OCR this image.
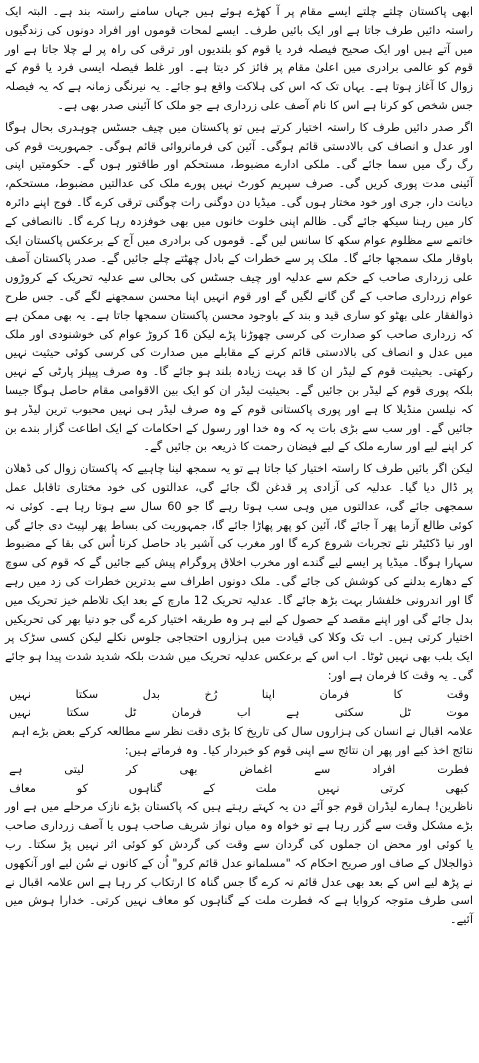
ابھی پاکستان چلتے چلتے ایسے مقام پر آ کھڑے ہوئے ہیں جہاں سامنے راستہ بند ہے۔ البتہ ایک راستہ دائیں طرف جاتا ہے اور ایک بائیں طرف۔ ایسے لمحات قوموں اور افراد دونوں کی زندگیوں میں آتے ہیں اور ایک صحیح فیصلہ فرد یا قوم کو بلندیوں اور ترقی کی راہ پر لے چلا جاتا ہے اور قوم کو عالمی برادری میں اعلیٰ مقام پر فائز کر دیتا ہے۔ اور غلط فیصلہ ایسی فرد یا قوم کے زوال کا آغاز ہوتا ہے۔ یہاں تک کہ اس کی ہلاکت واقع ہو جائے۔ یہ نیرنگی زمانہ ہے کہ یہ فیصلہ جس شخص کو کرنا ہے اس کا نام آصف علی زرداری ہے جو ملک کا آئینی صدر بھی ہے۔

اگر صدر دائیں طرف کا راستہ اختیار کرتے ہیں تو پاکستان میں چیف جسٹس چوہدری بحال ہوگا اور عدل و انصاف کی بالادستی قائم ہوگی۔ آئین کی فرمانروائی قائم ہوگی۔ جمہوریت قوم کی رگ رگ میں سما جائے گی۔ ملکی ادارے مضبوط، مستحکم اور طاقتور ہوں گے۔ حکومتیں اپنی آئینی مدت پوری کریں گی۔ صرف سپریم کورٹ نہیں پورے ملک کی عدالتیں مضبوط، مستحکم، دیانت دار، جری اور خود مختار ہوں گی۔ میڈیا دن دوگنی رات چوگنی ترقی کرے گا۔ فوج اپنے دائرہ کار میں رہنا سیکھ جائے گی۔ ظالم اپنی خلوت خانوں میں بھی خوفزدہ رہا کرے گا۔ ناانصافی کے خاتمے سے مظلوم عوام سکھ کا سانس لیں گے۔ قوموں کی برادری میں آج کے برعکس پاکستان ایک باوقار ملک سمجھا جائے گا۔ ملک پر سے خطرات کے بادل چھٹتے چلے جائیں گے۔ صدر پاکستان آصف علی زرداری صاحب کے حکم سے عدلیہ اور چیف جسٹس کی بحالی سے عدلیہ تحریک کے کروڑوں عوام زرداری صاحب کے گن گانے لگیں گے اور قوم انہیں اپنا محسن سمجھنے لگے گی۔ جس طرح ذوالفقار علی بھٹو کو ساری قید و بند کے باوجود محسن پاکستان سمجھا جاتا ہے۔ یہ بھی ممکن ہے کہ زرداری صاحب کو صدارت کی کرسی چھوڑنا پڑے لیکن 16 کروڑ عوام کی خوشنودی اور ملک میں عدل و انصاف کی بالادستی قائم کرنے کے مقابلے میں صدارت کی کرسی کوئی حیثیت نہیں رکھتی۔ بحیثیت قوم کے لیڈر ان کا قد بہت زیادہ بلند ہو جائے گا۔ وہ صرف پیپلز پارٹی کے نہیں بلکہ پوری قوم کے لیڈر بن جائیں گے۔ بحیثیت لیڈر ان کو ایک بین الاقوامی مقام حاصل ہوگا جیسا کہ نیلسن منڈیلا کا ہے اور پوری پاکستانی قوم کے وہ صرف لیڈر ہی نہیں محبوب ترین لیڈر ہو جائیں گے۔ اور سب سے بڑی بات یہ کہ وہ خدا اور رسول کے احکامات کے ایک اطاعت گزار بندے بن کر اپنے لیے اور سارے ملک کے لیے فیضان رحمت کا ذریعہ بن جائیں گے۔

لیکن اگر بائیں طرف کا راستہ اختیار کیا جاتا ہے تو یہ سمجھ لینا چاہیے کہ پاکستان زوال کی ڈھلان پر ڈال دیا گیا۔ عدلیہ کی آزادی پر قدغن لگ جائے گی، عدالتوں کی خود مختاری تاقابل عمل سمجھی جائے گی، عدالتوں میں وہی سب ہوتا رہے گا جو 60 سال سے ہوتا رہا ہے۔ کوئی نہ کوئی طالع آزما پھر آ جائے گا، آئین کو پھر پھاڑا جائے گا، جمہوریت کی بساط پھر لپیٹ دی جائے گی اور نیا ڈکٹیٹر نئے تجربات شروع کرے گا اور مغرب کی آشیر باد حاصل کرنا اُس کی بقا کے مضبوط سہارا ہوگا۔ میڈیا پر ایسے لیے گندے اور مخرب اخلاق پروگرام پیش کیے جائیں گے کہ قوم کی سوچ کے دھارے بدلنے کی کوشش کی جائے گی۔ ملک دونوں اطراف سے بدترین خطرات کی زد میں رہے گا اور اندرونی خلفشار بہت بڑھ جائے گا۔ عدلیہ تحریک 12 مارچ کے بعد ایک تلاطم خیز تحریک میں بدل جائے گی اور اپنے مقصد کے حصول کے لیے ہر وہ طریقہ اختیار کرے گی جو دنیا بھر کی تحریکیں اختیار کرتی ہیں۔ اب تک وکلا کی قیادت میں ہزاروں احتجاجی جلوس نکلے لیکن کسی سڑک پر ایک بلب بھی نہیں ٹوٹا۔ اب اس کے برعکس عدلیہ تحریک میں شدت بلکہ شدید شدت پیدا ہو جائے گی۔ یہ وقت کا فرمان ہے اور:

وقت
کا
فرمان
اپنا
رُخ
بدل
سکتا
نہیں
موت
ٹل
سکتی
ہے
اب
فرمان
ٹل
سکتا
نہیں

علامہ اقبال نے انسان کی ہزاروں سال کی تاریخ کا بڑی دقت نظر سے مطالعہ کرکے بعض بڑے اہم نتائج اخذ کیے اور پھر ان نتائج سے اپنی قوم کو خبردار کیا۔ وہ فرماتے ہیں:

فطرت
افراد
سے
اغماض
بھی
کر
لیتی
ہے
کبھی
کرتی
نہیں
ملت
کے
گناہوں
کو
معاف

ناظرین! ہمارے لیڈران قوم جو آئے دن یہ کہتے رہتے ہیں کہ پاکستان بڑے نازک مرحلے میں ہے اور بڑے مشکل وقت سے گزر رہا ہے تو خواہ وہ میاں نواز شریف صاحب ہوں یا آصف زرداری صاحب یا کوئی اور محض ان جملوں کی گردان سے وقت کی گردش کو کوئی اثر نہیں پڑ سکتا۔ رب ذوالجلال کے صاف اور صریح احکام کہ "مسلمانو عدل قائم کرو" اُن کے کانوں نے سُن لیے اور آنکھوں نے پڑھ لیے اس کے بعد بھی عدل قائم نہ کرے گا جس گناہ کا ارتکاب کر رہا ہے اس علامہ اقبال نے اسی طرف متوجہ کروایا ہے کہ فطرت ملت کے گناہوں کو معاف نہیں کرتی۔ خدارا ہوش میں آئیے۔
